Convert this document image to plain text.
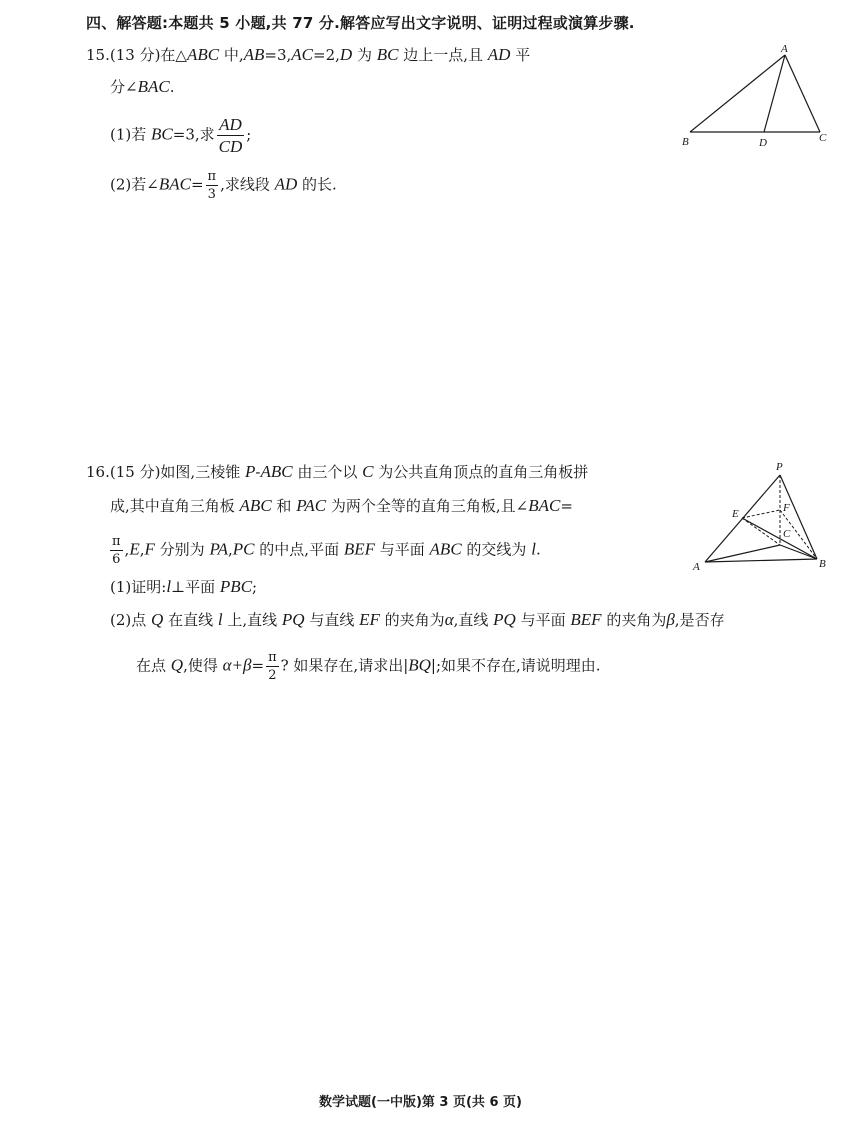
四、解答题:本题共 5 小题,共 77 分.解答应写出文字说明、证明过程或演算步骤.
15.(13 分)在△ABC 中,AB=3,AC=2,D 为 BC 边上一点,且 AD 平
分∠BAC.
(1)若 BC=3,求 $\frac{AD}{CD}$ ;
(2)若∠BAC= $\frac{\pi}{3}$ ,求线段 AD 的长.
A
B	C
D
16.(15 分)如图,三棱锥 P-ABC 由三个以 C 为公共直角顶点的直角三角板拼
成,其中直角三角板 ABC 和 PAC 为两个全等的直角三角板,且∠BAC=
$\frac{\pi}{6} ,E,F$ 分别为 PA,PC 的中点,平面 BEF 与平面 ABC 的交线为 l.
(1)证明:l⊥平面 PBC;
(2)点 Q 在直线 l 上,直线 PQ 与直线 EF 的夹角为α,直线 PQ 与平面 BEF 的夹角为β,是否存
在点 Q,使得 $\alpha+\beta= \frac{\pi}{2}$ ? 如果存在,请求出|BQ|;如果不存在,请说明理由.
P
E	F
C
A	B
数学试题(一中版)第 3 页(共 6 页)
